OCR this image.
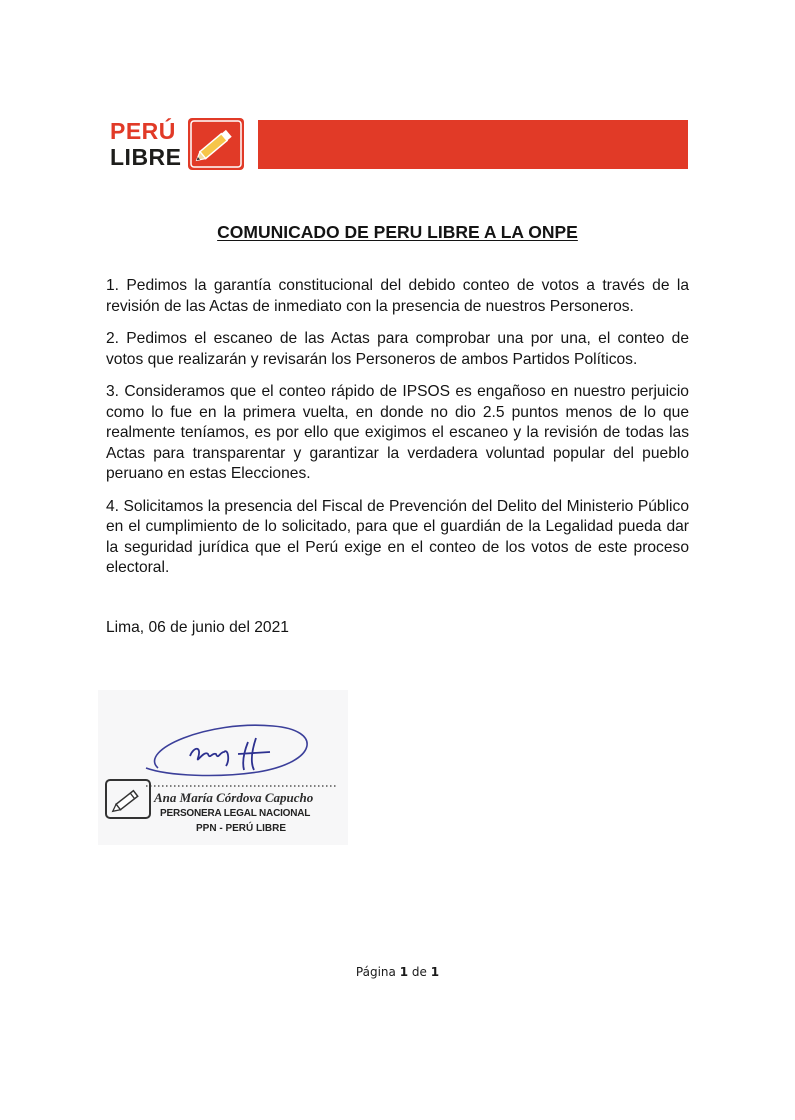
PERÚ
LIBRE
COMUNICADO DE PERU LIBRE A LA ONPE

1. Pedimos la garantía constitucional del debido conteo de votos a través de la revisión de las Actas de inmediato con la presencia de nuestros Personeros.

2. Pedimos el escaneo de las Actas para comprobar una por una, el conteo de votos que realizarán y revisarán los Personeros de ambos Partidos Políticos.

3. Consideramos que el conteo rápido de IPSOS es engañoso en nuestro perjuicio como lo fue en la primera vuelta, en donde no dio 2.5 puntos menos de lo que realmente teníamos, es por ello que exigimos el escaneo y la revisión de todas las Actas para transparentar y garantizar la verdadera voluntad popular del pueblo peruano en estas Elecciones.

4. Solicitamos la presencia del Fiscal de Prevención del Delito del Ministerio Público en el cumplimiento de lo solicitado, para que el guardián de la Legalidad pueda dar la seguridad jurídica que el Perú exige en el conteo de los votos de este proceso electoral.

Lima, 06 de junio del 2021
Ana María Córdova Capucho
PERSONERA LEGAL NACIONAL
PPN - PERÚ LIBRE
Página 1 de 1
